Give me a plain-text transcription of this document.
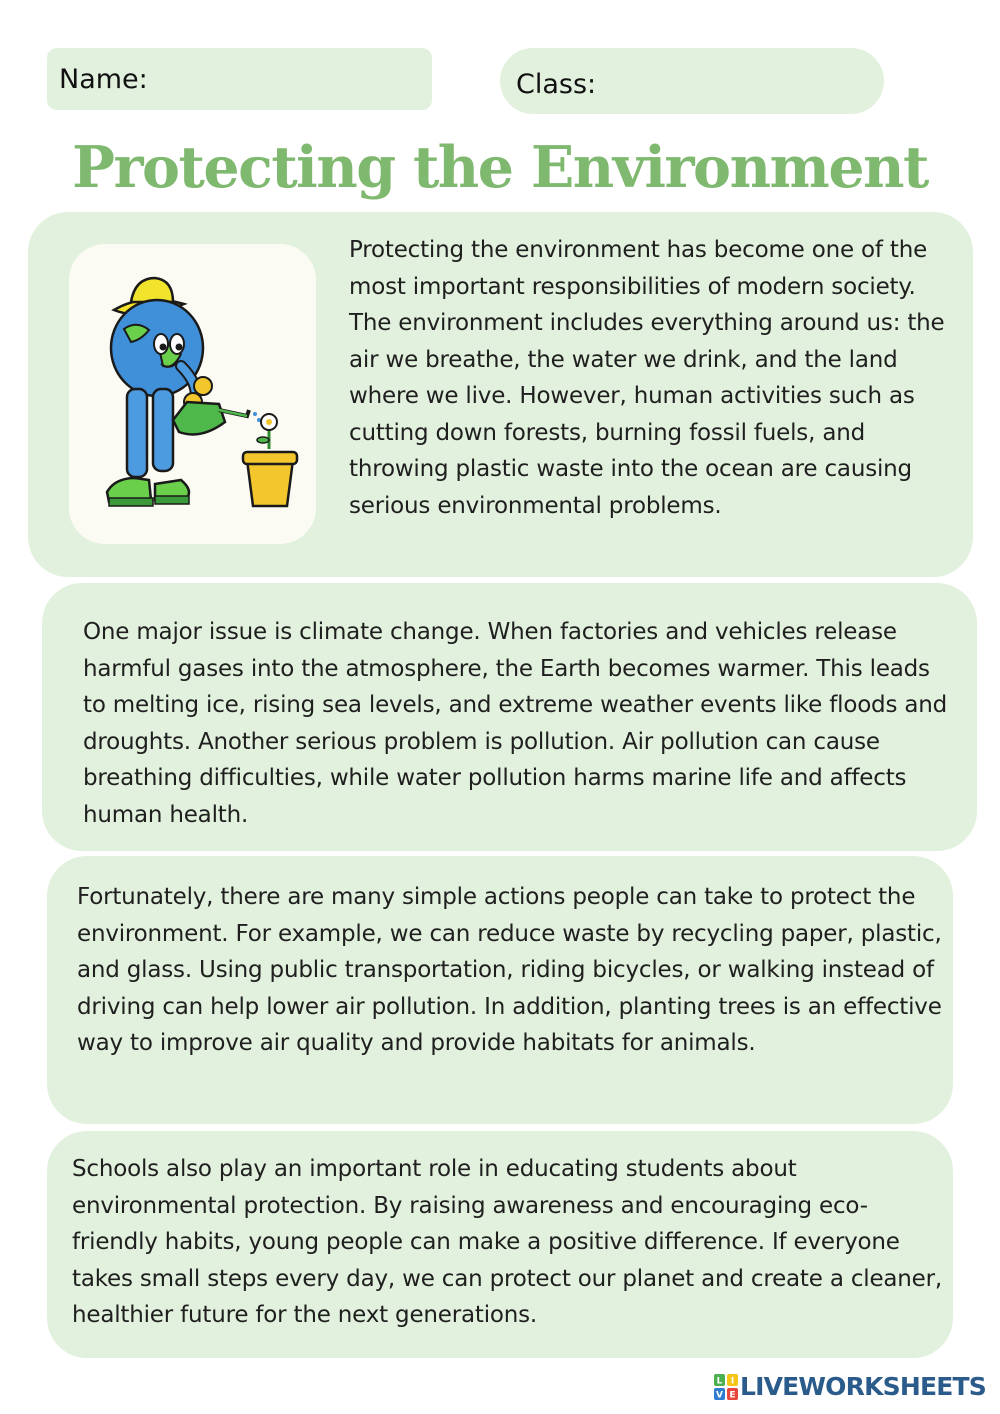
Name:	Class:
Protecting the Environment

Protecting the environment has become one of the most important responsibilities of modern society. The environment includes everything around us: the air we breathe, the water we drink, and the land where we live. However, human activities such as cutting down forests, burning fossil fuels, and throwing plastic waste into the ocean are causing serious environmental problems.

One major issue is climate change. When factories and vehicles release harmful gases into the atmosphere, the Earth becomes warmer. This leads to melting ice, rising sea levels, and extreme weather events like floods and droughts. Another serious problem is pollution. Air pollution can cause breathing difficulties, while water pollution harms marine life and affects human health.

Fortunately, there are many simple actions people can take to protect the environment. For example, we can reduce waste by recycling paper, plastic, and glass. Using public transportation, riding bicycles, or walking instead of driving can help lower air pollution. In addition, planting trees is an effective way to improve air quality and provide habitats for animals.

Schools also play an important role in educating students about environmental protection. By raising awareness and encouraging eco-friendly habits, young people can make a positive difference. If everyone takes small steps every day, we can protect our planet and create a cleaner, healthier future for the next generations.

L I
V E LIVEWORKSHEETS
